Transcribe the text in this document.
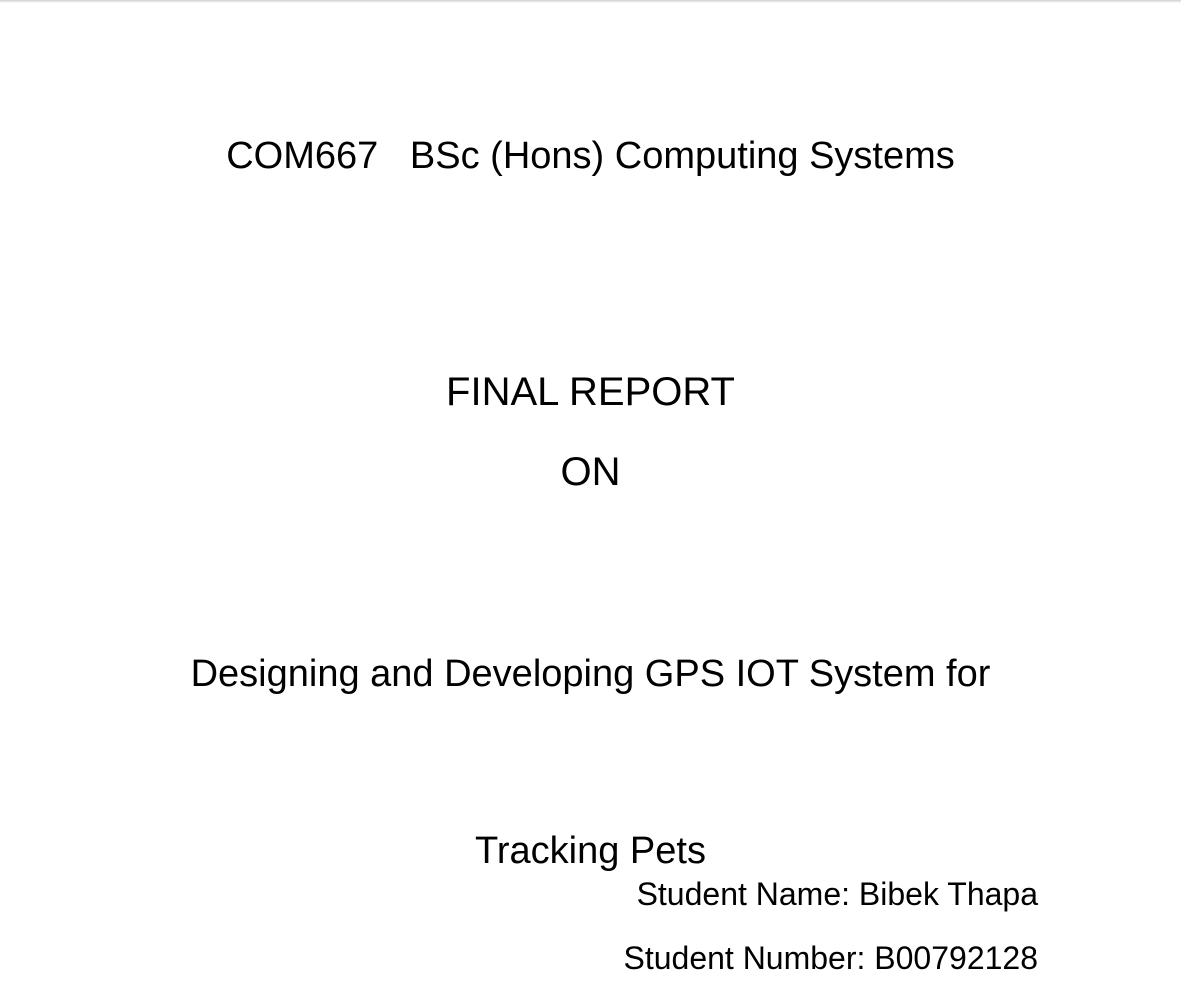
COM667   BSc (Hons) Computing Systems
FINAL REPORT
ON

Designing and Developing GPS IOT System for

Tracking Pets

Student Name: Bibek Thapa
Student Number: B00792128
